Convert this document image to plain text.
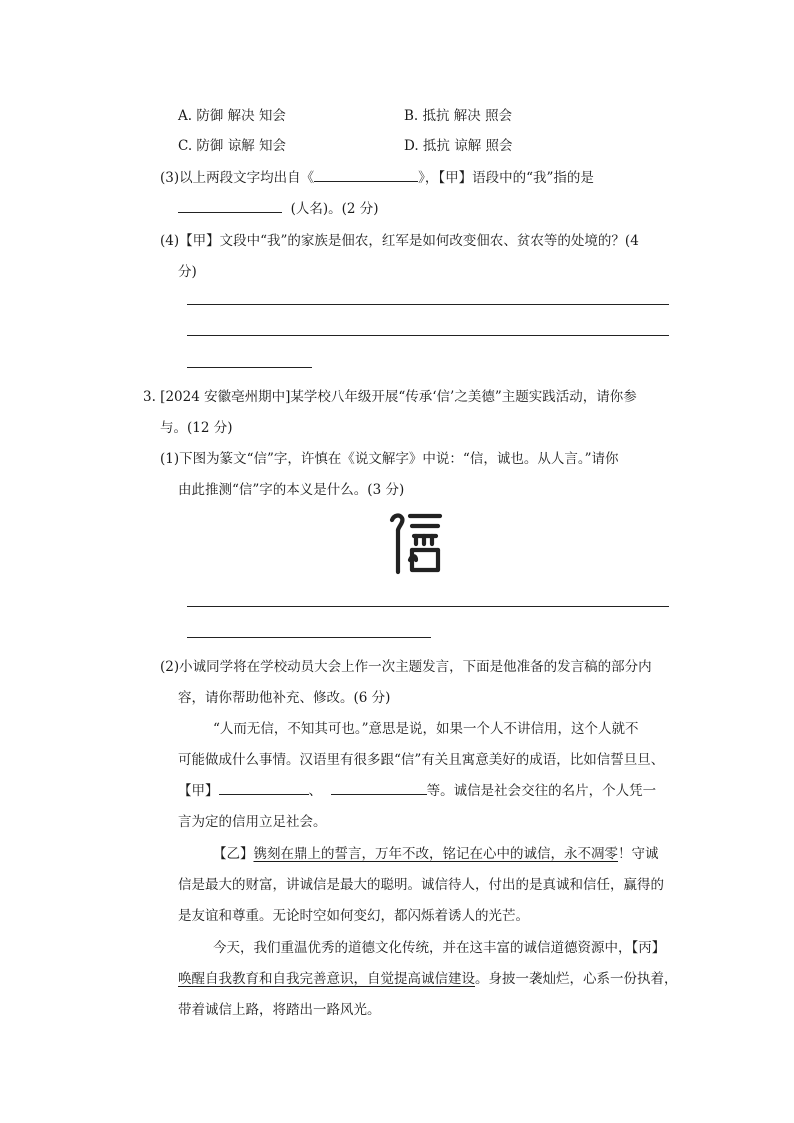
A. 防御 解决 知会	B. 抵抗 解决 照会
C. 防御 谅解 知会	D. 抵抗 谅解 照会
(3)以上两段文字均出自《	》，【甲】语段中的“我”指的是
(人名)。(2 分)
(4)【甲】文段中“我”的家族是佃农，红军是如何改变佃农、贫农等的处境的？(4
分)
3. [2024 安徽亳州期中]某学校八年级开展“传承‘信’之美德”主题实践活动，请你参
与。(12 分)
(1)下图为篆文“信”字，许慎在《说文解字》中说：“信，诚也。从人言。”请你
由此推测“信”字的本义是什么。(3 分)
(2)小诚同学将在学校动员大会上作一次主题发言，下面是他准备的发言稿的部分内
容，请你帮助他补充、修改。(6 分)
“人而无信，不知其可也。”意思是说，如果一个人不讲信用，这个人就不
可能做成什么事情。汉语里有很多跟“信”有关且寓意美好的成语，比如信誓旦旦、
【甲】	、	等。诚信是社会交往的名片，个人凭一
言为定的信用立足社会。
【乙】镌刻在鼎上的誓言，万年不改，铭记在心中的诚信，永不凋零！守诚
信是最大的财富，讲诚信是最大的聪明。诚信待人，付出的是真诚和信任，赢得的
是友谊和尊重。无论时空如何变幻，都闪烁着诱人的光芒。
今天，我们重温优秀的道德文化传统，并在这丰富的诚信道德资源中，【丙】
唤醒自我教育和自我完善意识，自觉提高诚信建设。身披一袭灿烂，心系一份执着，
带着诚信上路，将踏出一路风光。
